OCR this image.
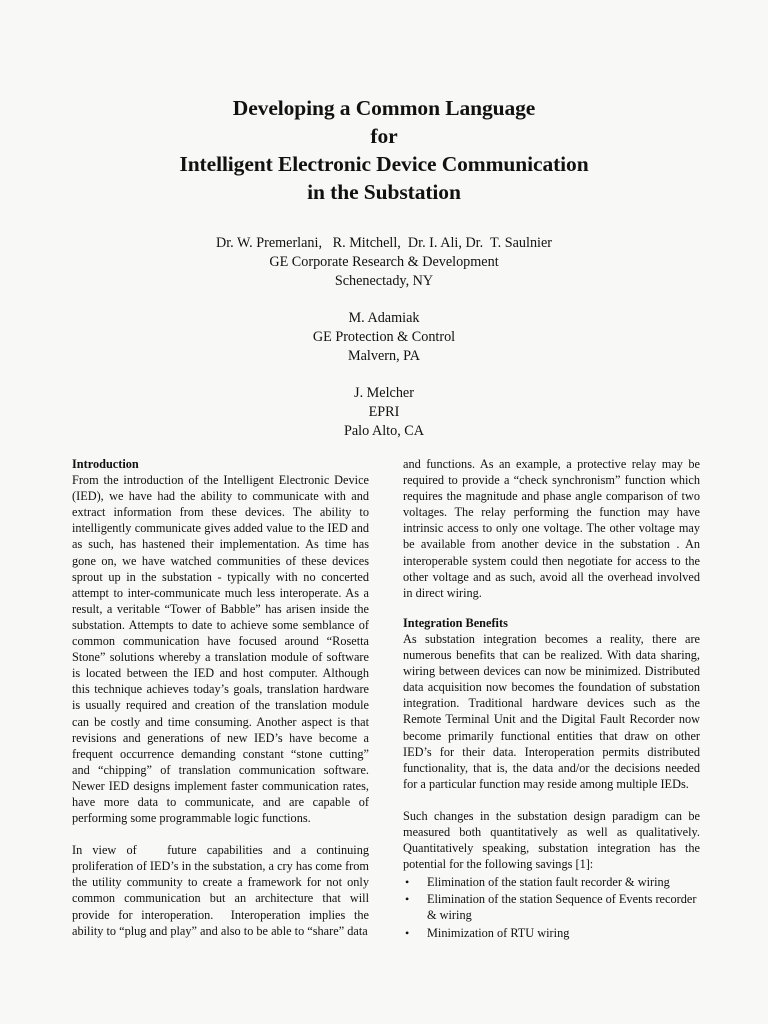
Developing a Common Language
for
Intelligent Electronic Device Communication
in the Substation
Dr. W. Premerlani,   R. Mitchell,  Dr. I. Ali, Dr.  T. Saulnier
GE Corporate Research & Development
Schenectady, NY
M. Adamiak
GE Protection & Control
Malvern, PA
J. Melcher
EPRI
Palo Alto, CA
Introduction

From the introduction of the Intelligent Electronic Device (IED), we have had the ability to communicate with and extract information from these devices. The ability to intelligently communicate gives added value to the IED and as such, has hastened their implementation. As time has gone on, we have watched communities of these devices sprout up in the substation - typically with no concerted attempt to inter-communicate much less interoperate. As a result, a veritable “Tower of Babble” has arisen inside the substation. Attempts to date to achieve some semblance of common communication have focused around “Rosetta Stone” solutions whereby a translation module of software is located between the IED and host computer. Although this technique achieves today’s goals, translation hardware is usually required and creation of the translation module can be costly and time consuming. Another aspect is that revisions and generations of new IED’s have become a frequent occurrence demanding constant “stone cutting” and “chipping” of translation communication software. Newer IED designs implement faster communication rates, have more data to communicate, and are capable of performing some programmable logic functions.

In view of   future capabilities and a continuing proliferation of IED’s in the substation, a cry has come from the utility community to create a framework for not only common communication but an architecture that will provide for interoperation.  Interoperation implies the ability to “plug and play” and also to be able to “share” data

and functions. As an example, a protective relay may be required to provide a “check synchronism” function which requires the magnitude and phase angle comparison of two voltages. The relay performing the function may have intrinsic access to only one voltage. The other voltage may be available from another device in the substation . An interoperable system could then negotiate for access to the other voltage and as such, avoid all the overhead involved in direct wiring.

Integration Benefits

As substation integration becomes a reality, there are numerous benefits that can be realized. With data sharing, wiring between devices can now be minimized. Distributed data acquisition now becomes the foundation of substation integration. Traditional hardware devices such as the Remote Terminal Unit and the Digital Fault Recorder now become primarily functional entities that draw on other IED’s for their data. Interoperation permits distributed functionality, that is, the data and/or the decisions needed for a particular function may reside among multiple IEDs.

Such changes in the substation design paradigm can be measured both quantitatively as well as qualitatively. Quantitatively speaking, substation integration has the potential for the following savings [1]:

• Elimination of the station fault recorder & wiring
• Elimination of the station Sequence of Events recorder & wiring
• Minimization of RTU wiring
